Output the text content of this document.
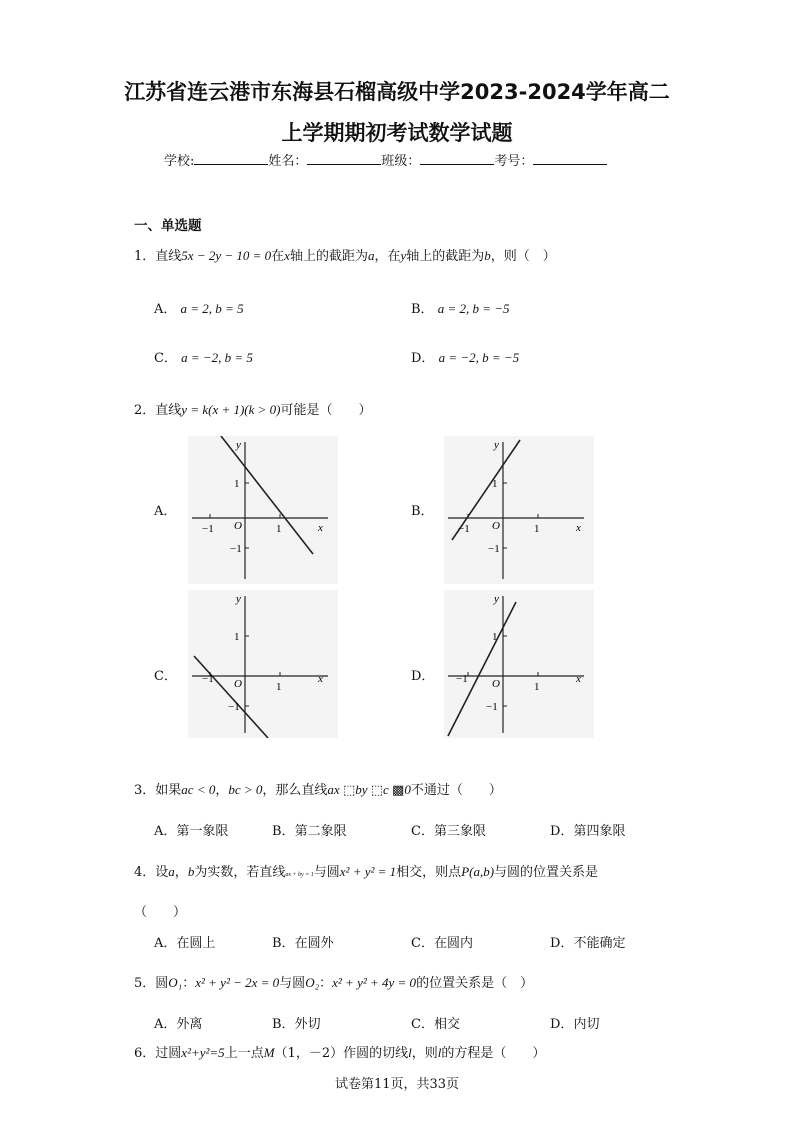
江苏省连云港市东海县石榴高级中学2023-2024学年高二
上学期期初考试数学试题
学校:	姓名：	班级：	考号：
一、单选题
1．直线5x − 2y − 10 = 0在x轴上的截距为a，在y轴上的截距为b，则（　）
A． a = 2, b = 5	B． a = 2, b = −5
C． a = −2, b = 5	D． a = −2, b = −5
2．直线y = k(x + 1)(k > 0)可能是（　　）
A．	B．
C．	D．
y
x
O
1
1
−1
−1
y
x
O
1
1
−1
−1
y
x
O
1
1
−1
−1
y
x
O
1
1
−1
−1
3．如果ac < 0，bc > 0，那么直线ax ⬚by ⬚c ▩0不通过（　　）
A．第一象限	B．第二象限	C．第三象限	D．第四象限
4．设a，b为实数，若直线ax + by = 1与圆x² + y² = 1相交，则点P(a,b)与圆的位置关系是
（　　）
A．在圆上	B．在圆外	C．在圆内	D．不能确定
5．圆O₁：x² + y² − 2x = 0与圆O₂：x² + y² + 4y = 0的位置关系是（　）
A．外离	B．外切	C．相交	D．内切
6．过圆x²+y²=5上一点M（1，－2）作圆的切线l，则l的方程是（　　）
试卷第11页，共33页
